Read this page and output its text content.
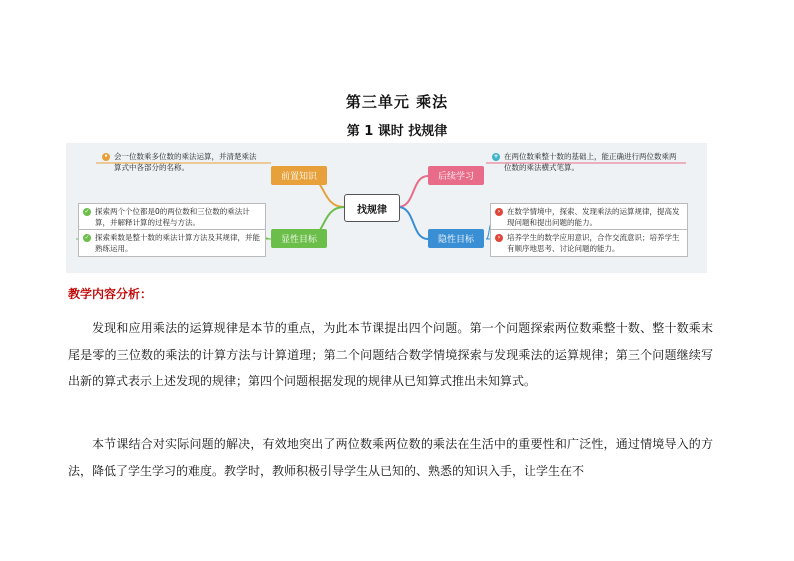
第三单元 乘法
第 1 课时 找规律
找规律
前置知识
显性目标
后续学习
隐性目标
• 会一位数乘多位数的乘法运算，并清楚乘法算式中各部分的名称。
✓ 探索两个个位都是0的两位数和三位数的乘法计算，并解释计算的过程与方法。
✓ 探索乘数是整十数的乘法计算方法及其规律，并能熟练运用。
+ 在两位数乘整十数的基础上，能正确进行两位数乘两位数的乘法横式笔算。
› 在数学情境中，探索、发现乘法的运算规律，提高发现问题和提出问题的能力。
› 培养学生的数学应用意识，合作交流意识；培养学生有顺序地思考、讨论问题的能力。
教学内容分析：
发现和应用乘法的运算规律是本节的重点，为此本节课提出四个问题。第一个问题探索两位数乘整十数、整十数乘末尾是零的三位数的乘法的计算方法与计算道理；第二个问题结合数学情境探索与发现乘法的运算规律；第三个问题继续写出新的算式表示上述发现的规律；第四个问题根据发现的规律从已知算式推出未知算式。
本节课结合对实际问题的解决，有效地突出了两位数乘两位数的乘法在生活中的重要性和广泛性，通过情境导入的方法，降低了学生学习的难度。教学时，教师积极引导学生从已知的、熟悉的知识入手，让学生在不
